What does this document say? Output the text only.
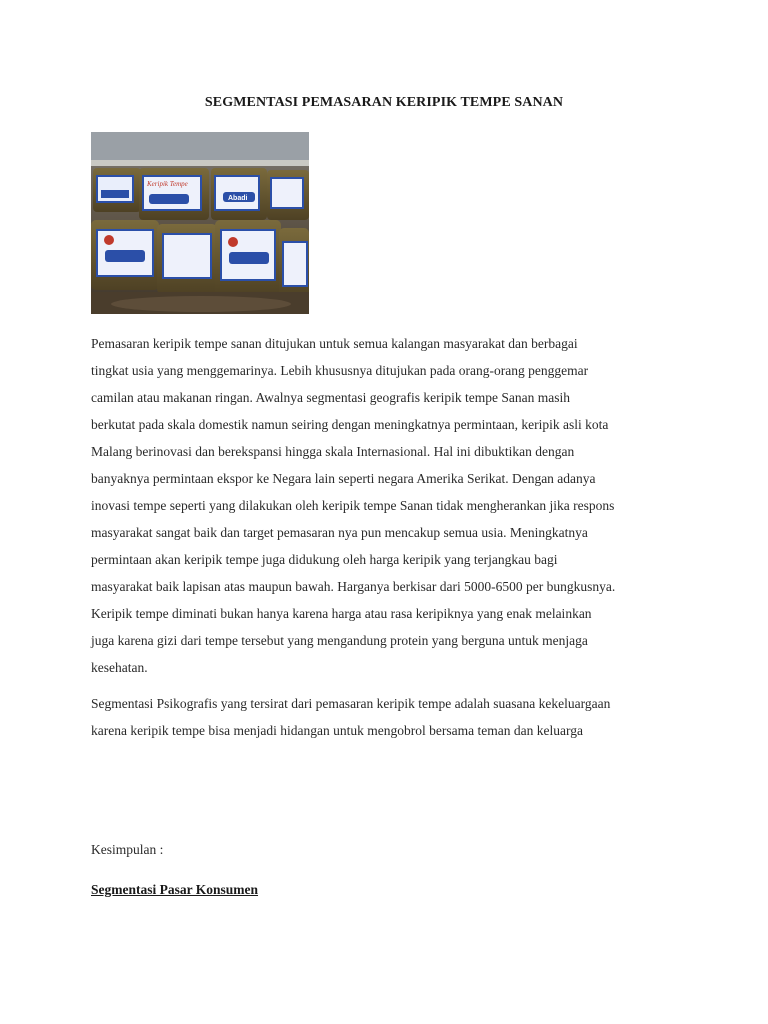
SEGMENTASI PEMASARAN KERIPIK TEMPE SANAN
Keripik Tempe
Abadi
Pemasaran keripik tempe sanan ditujukan untuk semua kalangan masyarakat dan berbagai
tingkat usia yang menggemarinya. Lebih khususnya ditujukan pada orang-orang penggemar
camilan atau makanan ringan. Awalnya segmentasi geografis keripik tempe Sanan masih
berkutat pada skala domestik namun seiring dengan meningkatnya permintaan, keripik asli kota
Malang berinovasi dan berekspansi hingga skala Internasional. Hal ini dibuktikan dengan
banyaknya permintaan ekspor ke Negara lain seperti negara Amerika Serikat. Dengan adanya
inovasi tempe seperti yang dilakukan oleh keripik tempe Sanan tidak mengherankan jika respons
masyarakat sangat baik dan target pemasaran nya pun mencakup semua usia. Meningkatnya
permintaan akan keripik tempe juga didukung oleh harga keripik yang terjangkau bagi
masyarakat baik lapisan atas maupun bawah. Harganya berkisar dari 5000-6500 per bungkusnya.
Keripik tempe diminati bukan hanya karena harga atau rasa keripiknya yang enak melainkan
juga karena gizi dari tempe tersebut yang mengandung protein yang berguna untuk menjaga
kesehatan.
Segmentasi Psikografis yang tersirat dari pemasaran keripik tempe adalah suasana kekeluargaan
karena keripik tempe bisa menjadi hidangan untuk mengobrol bersama teman dan keluarga
Kesimpulan :
Segmentasi Pasar Konsumen
